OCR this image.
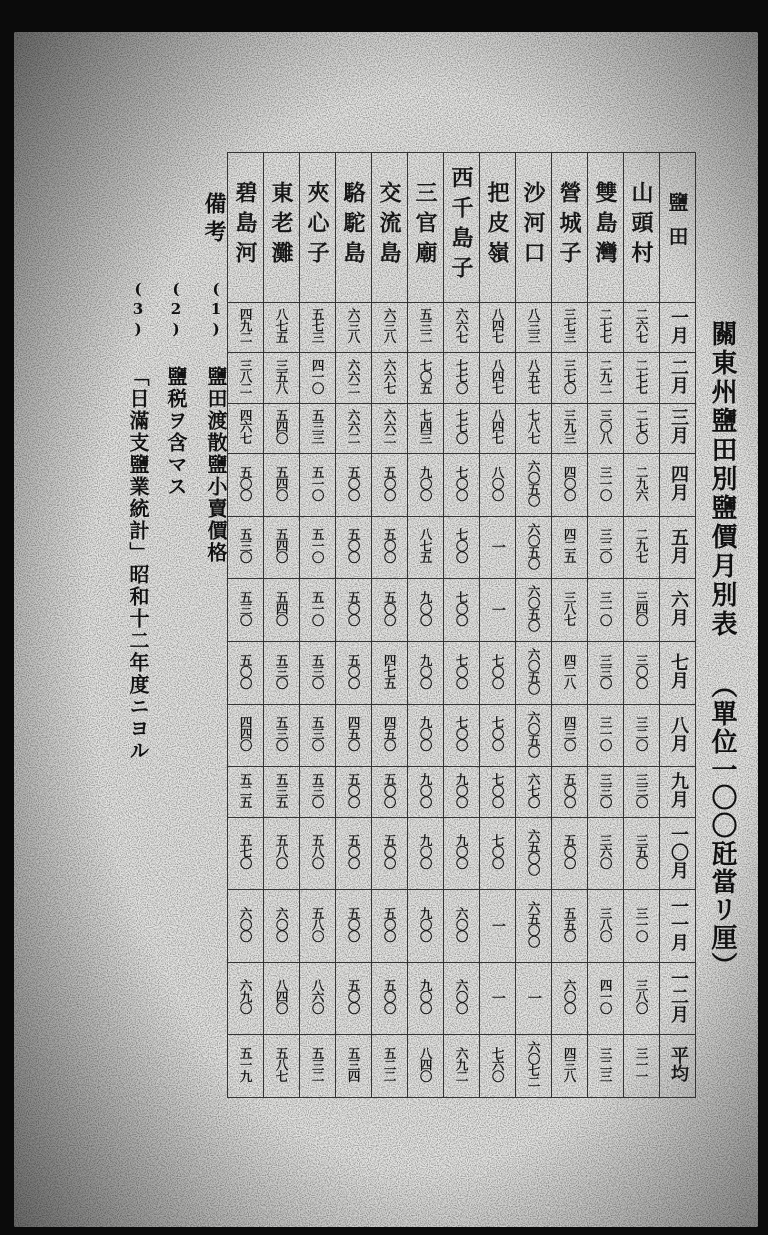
關東州鹽田別鹽價月別表
（單位一〇〇瓩當リ厘）
碧島河	東老灘	夾心子	駱駝島	交流島	三官廟	西千島子	把皮嶺	沙河口	營城子	雙島灣	山頭村	鹽田
四九二	八七五	五七三	六三八	六三八	五三二	六六七	八四七	八三三	三七三	二七七	二六七	一月
三八二	三五八	四一〇	六六二	六六七	七〇五	七七〇	八四七	八五七	三七〇	二九二	二七七	二月
四六七	五四〇	五三三	六六二	六六二	七四三	七七〇	八四七	七八七	三九三	三〇八	二七〇	三月
五〇〇	五四〇	五一〇	五〇〇	五〇〇	九〇〇	七〇〇	八〇〇	六〇五〇	四〇〇	三一〇	二九六	四月
五三〇	五四〇	五一〇	五〇〇	五〇〇	八七五	七〇〇	一	六〇五〇	四二五	三二〇	二九七	五月
五三〇	五四〇	五一〇	五〇〇	五〇〇	九〇〇	七〇〇	一	六〇五〇	三八七	三一〇	三四〇	六月
五〇〇	五三〇	五三〇	五〇〇	四七五	九〇〇	七〇〇	七〇〇	六〇五〇	四二八	三三〇	三〇〇	七月
四四〇	五三〇	五三〇	四五〇	四五〇	九〇〇	七〇〇	七〇〇	六〇五〇	四三〇	三一〇	三二〇	八月
五二五	五三五	五三〇	五〇〇	五〇〇	九〇〇	九〇〇	七〇〇	六七〇	五〇〇	三三〇	三三〇	九月
五七〇	五八〇	五八〇	五〇〇	五〇〇	九〇〇	九〇〇	七〇〇	六五〇〇	五〇〇	三六〇	三五〇	一〇月
六〇〇	六〇〇	五八〇	五〇〇	五〇〇	九〇〇	六〇〇	一	六五〇〇	五五〇	三八〇	三一〇	一一月
六九〇	八四〇	八六〇	五〇〇	五〇〇	九〇〇	六〇〇	一	一	六〇〇	四一〇	三八〇	一二月
五一九	五八七	五三二	五三四	五二二	八四〇	六九二	七六〇	六〇七二	四三八	三二三	三一一	平均
備考
(1) 鹽田渡散鹽小賣價格
(2) 鹽税ヲ含マス
(3) 「日滿支鹽業統計」昭和十二年度ニヨル
